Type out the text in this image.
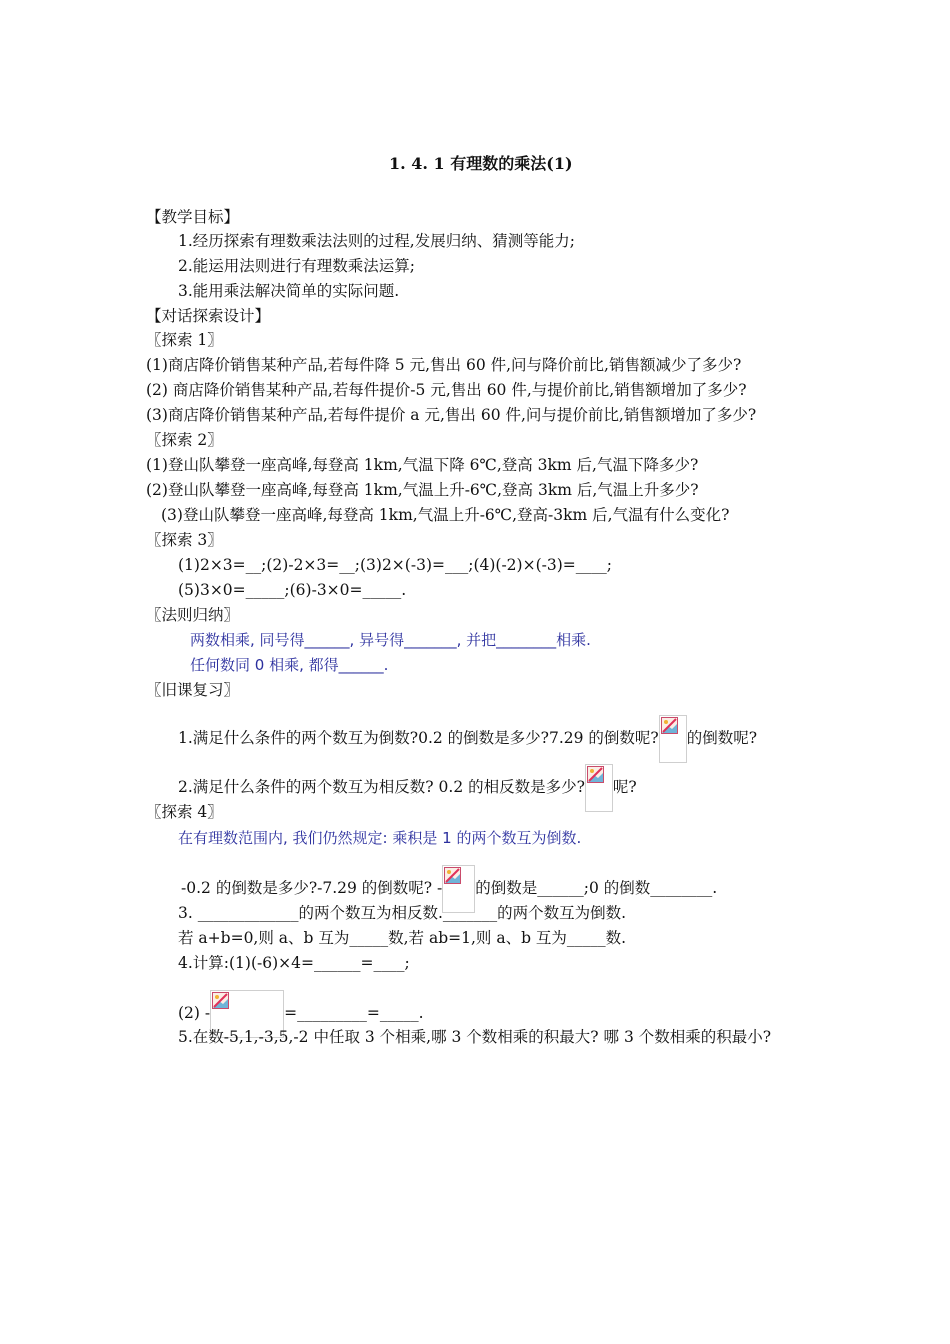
1. 4. 1 有理数的乘法(1)
【教学目标】
1.经历探索有理数乘法法则的过程,发展归纳、猜测等能力;
2.能运用法则进行有理数乘法运算;
3.能用乘法解决简单的实际问题.
【对话探索设计】
〖探索 1〗
(1)商店降价销售某种产品,若每件降 5 元,售出 60 件,问与降价前比,销售额减少了多少?
(2) 商店降价销售某种产品,若每件提价-5 元,售出 60 件,与提价前比,销售额增加了多少?
(3)商店降价销售某种产品,若每件提价 a 元,售出 60 件,问与提价前比,销售额增加了多少?
〖探索 2〗
(1)登山队攀登一座高峰,每登高 1km,气温下降 6℃,登高 3km 后,气温下降多少?
(2)登山队攀登一座高峰,每登高 1km,气温上升-6℃,登高 3km 后,气温上升多少?
(3)登山队攀登一座高峰,每登高 1km,气温上升-6℃,登高-3km 后,气温有什么变化?
〖探索 3〗
(1)2×3=__;(2)-2×3=__;(3)2×(-3)=___;(4)(-2)×(-3)=____;
(5)3×0=_____;(6)-3×0=_____.
〖法则归纳〗
两数相乘, 同号得______, 异号得_______, 并把________相乘.
任何数同 0 相乘, 都得______.
〖旧课复习〗
1.满足什么条件的两个数互为倒数?0.2 的倒数是多少?7.29 的倒数呢? 的倒数呢?
2.满足什么条件的两个数互为相反数? 0.2 的相反数是多少? 呢?
〖探索 4〗
在有理数范围内, 我们仍然规定: 乘积是 1 的两个数互为倒数.
-0.2 的倒数是多少?-7.29 的倒数呢? - 的倒数是______;0 的倒数________.
3. _____________的两个数互为相反数._______的两个数互为倒数.
若 a+b=0,则 a、b 互为_____数,若 ab=1,则 a、b 互为_____数.
4.计算:(1)(-6)×4=______=____;
(2) -	=_________=_____.
5.在数-5,1,-3,5,-2 中任取 3 个相乘,哪 3 个数相乘的积最大? 哪 3 个数相乘的积最小?
